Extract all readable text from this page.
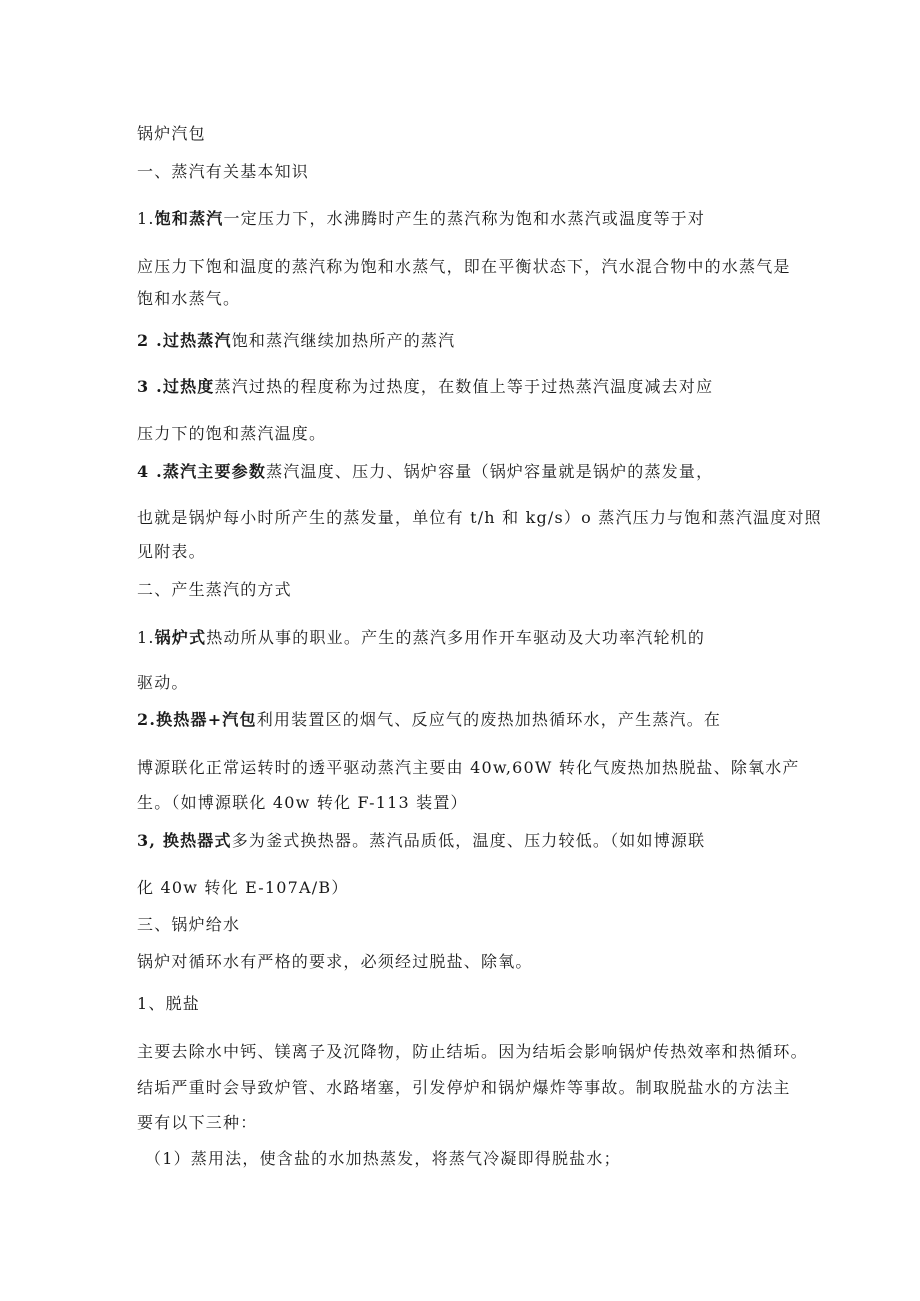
锅炉汽包
一、蒸汽有关基本知识
1.饱和蒸汽一定压力下，水沸腾时产生的蒸汽称为饱和水蒸汽或温度等于对
应压力下饱和温度的蒸汽称为饱和水蒸气，即在平衡状态下，汽水混合物中的水蒸气是
饱和水蒸气。
2 .过热蒸汽饱和蒸汽继续加热所产的蒸汽
3 .过热度蒸汽过热的程度称为过热度，在数值上等于过热蒸汽温度减去对应
压力下的饱和蒸汽温度。
4 .蒸汽主要参数蒸汽温度、压力、锅炉容量（锅炉容量就是锅炉的蒸发量，
也就是锅炉每小时所产生的蒸发量，单位有 t/h 和 kg/s）o 蒸汽压力与饱和蒸汽温度对照
见附表。
二、产生蒸汽的方式
1.锅炉式热动所从事的职业。产生的蒸汽多用作开车驱动及大功率汽轮机的
驱动。
2.换热器+汽包利用装置区的烟气、反应气的废热加热循环水，产生蒸汽。在
博源联化正常运转时的透平驱动蒸汽主要由 40w,60W 转化气废热加热脱盐、除氧水产
生。（如博源联化 40w 转化 F-113 装置）
3, 换热器式多为釜式换热器。蒸汽品质低，温度、压力较低。（如如博源联
化 40w 转化 E-107A/B）
三、锅炉给水
锅炉对循环水有严格的要求，必须经过脱盐、除氧。
1、脱盐
主要去除水中钙、镁离子及沉降物，防止结垢。因为结垢会影响锅炉传热效率和热循环。
结垢严重时会导致炉管、水路堵塞，引发停炉和锅炉爆炸等事故。制取脱盐水的方法主
要有以下三种：
（1）蒸用法，使含盐的水加热蒸发，将蒸气冷凝即得脱盐水；
